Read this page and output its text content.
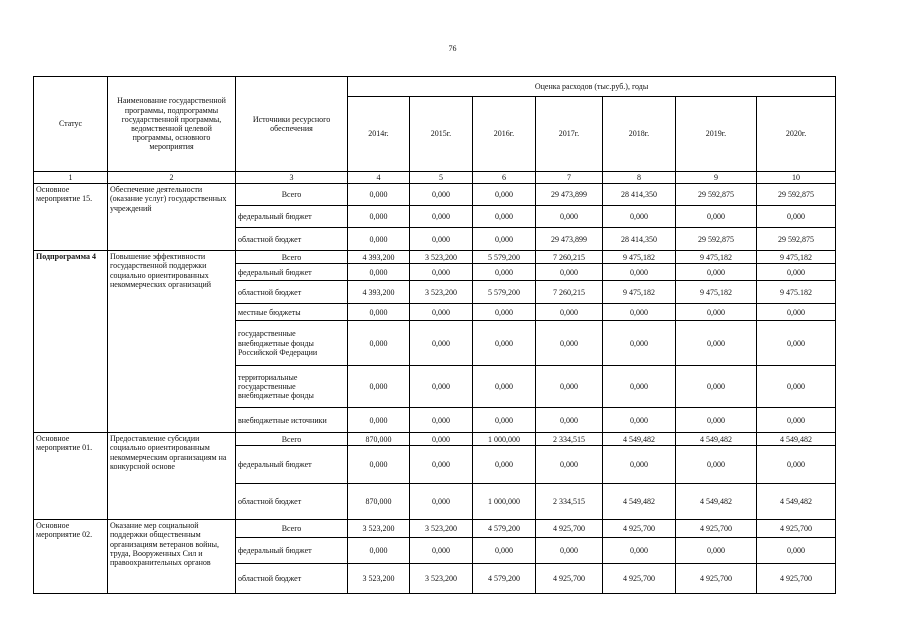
76
Статус	Наименование государственной программы, подпрограммы государственной программы, ведомственной целевой программы, основного мероприятия	Источники ресурсного обеспечения	Оценка расходов (тыс.руб.), годы						
			2014г.	2015г.	2016г.	2017г.	2018г.	2019г.	2020г.
1	2	3	4	5	6	7	8	9	10
Основное мероприятие 15.	Обеспечение деятельности (оказание услуг) государственных учреждений	Всего	0,000	0,000	0,000	29 473,899	28 414,350	29 592,875	29 592,875
		федеральный бюджет	0,000	0,000	0,000	0,000	0,000	0,000	0,000
		областной бюджет	0,000	0,000	0,000	29 473,899	28 414,350	29 592,875	29 592,875
Подпрограмма 4	Повышение эффективности государственной поддержки социально ориентированных некоммерческих организаций	Всего	4 393,200	3 523,200	5 579,200	7 260,215	9 475,182	9 475,182	9 475,182
		федеральный бюджет	0,000	0,000	0,000	0,000	0,000	0,000	0,000
		областной бюджет	4 393,200	3 523,200	5 579,200	7 260,215	9 475,182	9 475,182	9 475.182
		местные бюджеты	0,000	0,000	0,000	0,000	0,000	0,000	0,000
		государственные внебюджетные фонды Российской Федерации	0,000	0,000	0,000	0,000	0,000	0,000	0,000
		территориальные государственные внебюджетные фонды	0,000	0,000	0,000	0,000	0,000	0,000	0,000
		внебюджетные источники	0,000	0,000	0,000	0,000	0,000	0,000	0,000
Основное мероприятие 01.	Предоставление субсидии социально ориентированным некоммерческим организациям на конкурсной основе	Всего	870,000	0,000	1 000,000	2 334,515	4 549,482	4 549,482	4 549,482
		федеральный бюджет	0,000	0,000	0,000	0,000	0,000	0,000	0,000
		областной бюджет	870,000	0,000	1 000,000	2 334,515	4 549,482	4 549,482	4 549,482
Основное мероприятие 02.	Оказание мер социальной поддержки общественным организациям ветеранов войны, труда, Вооруженных Сил и правоохранительных органов	Всего	3 523,200	3 523,200	4 579,200	4 925,700	4 925,700	4 925,700	4 925,700
		федеральный бюджет	0,000	0,000	0,000	0,000	0,000	0,000	0,000
		областной бюджет	3 523,200	3 523,200	4 579,200	4 925,700	4 925,700	4 925,700	4 925,700
